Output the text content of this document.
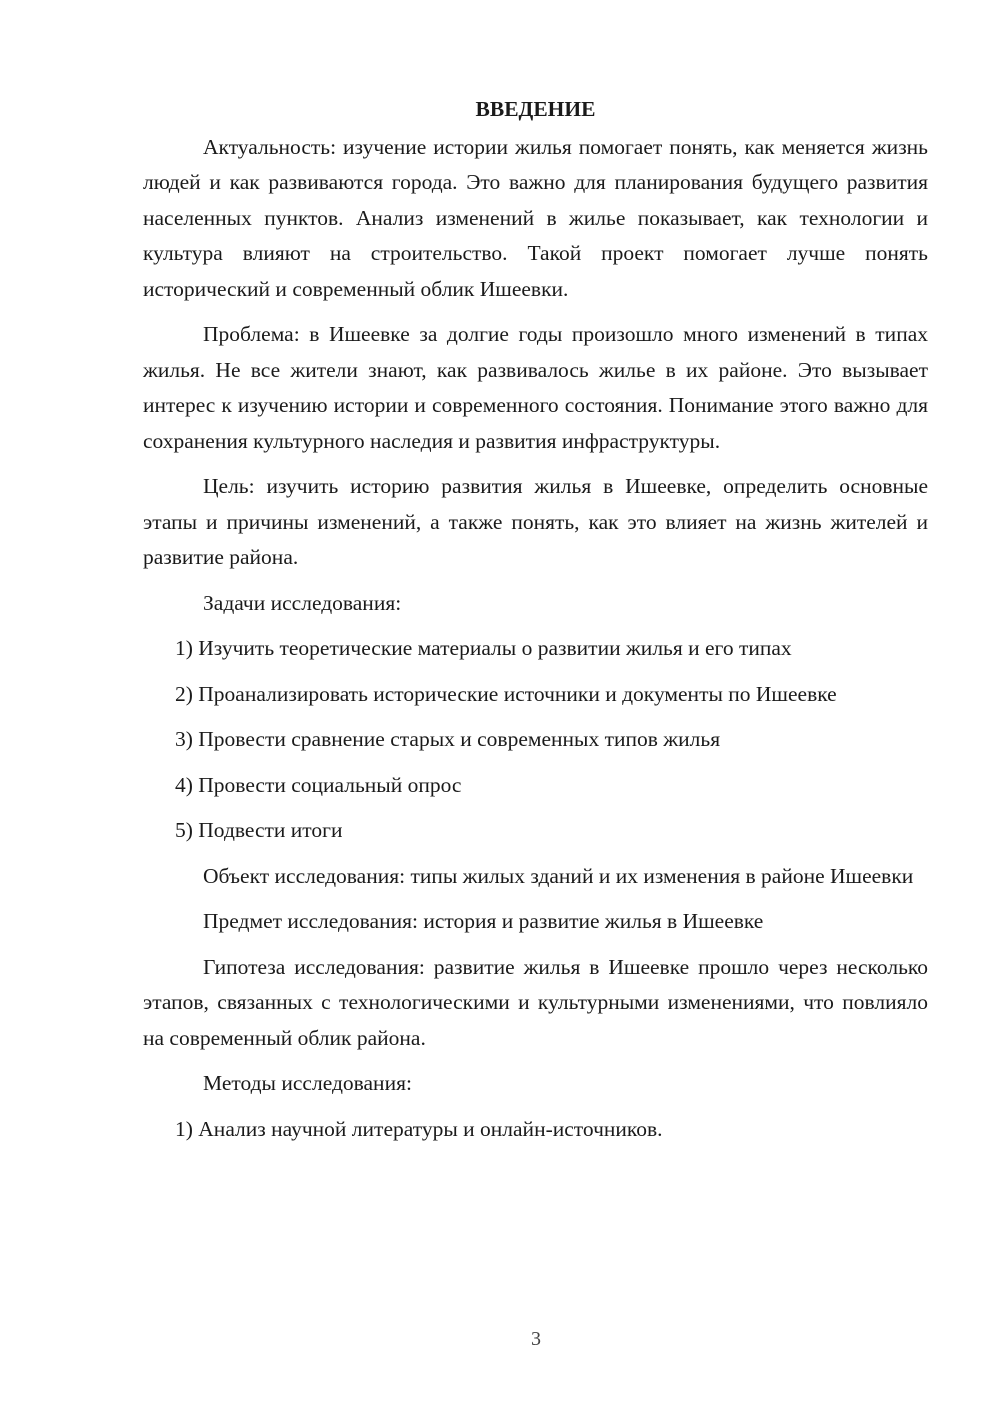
ВВЕДЕНИЕ

Актуальность: изучение истории жилья помогает понять, как меняется жизнь людей и как развиваются города. Это важно для планирования будущего развития населенных пунктов. Анализ изменений в жилье показывает, как технологии и культура влияют на строительство. Такой проект помогает лучше понять исторический и современный облик Ишеевки.

Проблема: в Ишеевке за долгие годы произошло много изменений в типах жилья. Не все жители знают, как развивалось жилье в их районе. Это вызывает интерес к изучению истории и современного состояния. Понимание этого важно для сохранения культурного наследия и развития инфраструктуры.

Цель: изучить историю развития жилья в Ишеевке, определить основные этапы и причины изменений, а также понять, как это влияет на жизнь жителей и развитие района.

Задачи исследования:

1) Изучить теоретические материалы о развитии жилья и его типах

2) Проанализировать исторические источники и документы по Ишеевке

3) Провести сравнение старых и современных типов жилья

4) Провести социальный опрос

5) Подвести итоги

Объект исследования: типы жилых зданий и их изменения в районе Ишеевки

Предмет исследования: история и развитие жилья в Ишеевке

Гипотеза исследования: развитие жилья в Ишеевке прошло через несколько этапов, связанных с технологическими и культурными изменениями, что повлияло на современный облик района.

Методы исследования:

1) Анализ научной литературы и онлайн-источников.

3
